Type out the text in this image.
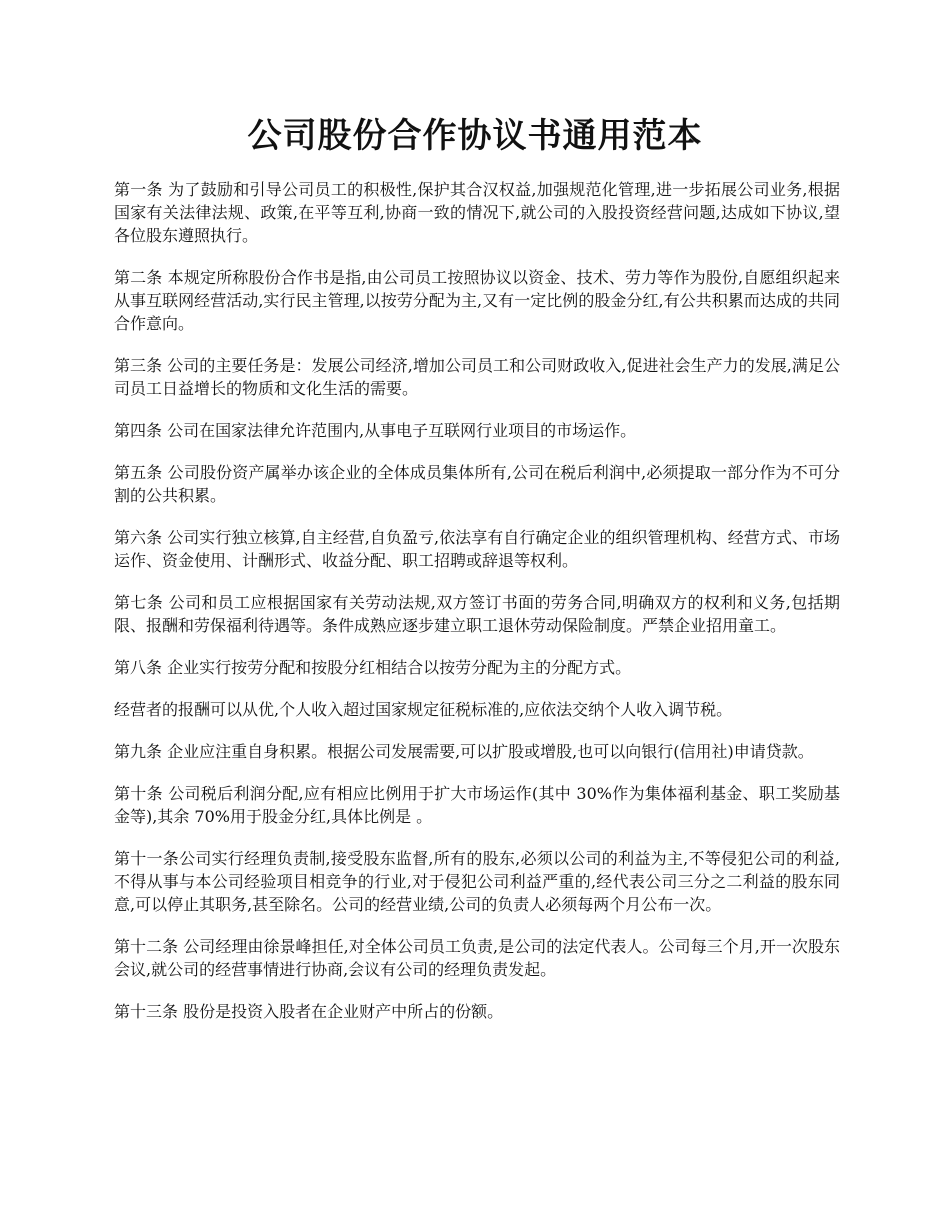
公司股份合作协议书通用范本

第一条 为了鼓励和引导公司员工的积极性,保护其合汉权益,加强规范化管理,进一步拓展公司业务,根据国家有关法律法规、政策,在平等互利,协商一致的情况下,就公司的入股投资经营问题,达成如下协议,望各位股东遵照执行。

第二条 本规定所称股份合作书是指,由公司员工按照协议以资金、技术、劳力等作为股份,自愿组织起来从事互联网经营活动,实行民主管理,以按劳分配为主,又有一定比例的股金分红,有公共积累而达成的共同合作意向。

第三条 公司的主要任务是：发展公司经济,增加公司员工和公司财政收入,促进社会生产力的发展,满足公司员工日益增长的物质和文化生活的需要。

第四条 公司在国家法律允许范围内,从事电子互联网行业项目的市场运作。

第五条 公司股份资产属举办该企业的全体成员集体所有,公司在税后利润中,必须提取一部分作为不可分割的公共积累。

第六条 公司实行独立核算,自主经营,自负盈亏,依法享有自行确定企业的组织管理机构、经营方式、市场运作、资金使用、计酬形式、收益分配、职工招聘或辞退等权利。

第七条 公司和员工应根据国家有关劳动法规,双方签订书面的劳务合同,明确双方的权利和义务,包括期限、报酬和劳保福利待遇等。条件成熟应逐步建立职工退休劳动保险制度。严禁企业招用童工。

第八条 企业实行按劳分配和按股分红相结合以按劳分配为主的分配方式。

经营者的报酬可以从优,个人收入超过国家规定征税标准的,应依法交纳个人收入调节税。

第九条 企业应注重自身积累。根据公司发展需要,可以扩股或增股,也可以向银行(信用社)申请贷款。

第十条 公司税后利润分配,应有相应比例用于扩大市场运作(其中 30%作为集体福利基金、职工奖励基金等),其余 70%用于股金分红,具体比例是 。

第十一条公司实行经理负责制,接受股东监督,所有的股东,必须以公司的利益为主,不等侵犯公司的利益,不得从事与本公司经验项目相竞争的行业,对于侵犯公司利益严重的,经代表公司三分之二利益的股东同意,可以停止其职务,甚至除名。公司的经营业绩,公司的负责人必须每两个月公布一次。

第十二条 公司经理由徐景峰担任,对全体公司员工负责,是公司的法定代表人。公司每三个月,开一次股东会议,就公司的经营事情进行协商,会议有公司的经理负责发起。

第十三条 股份是投资入股者在企业财产中所占的份额。
